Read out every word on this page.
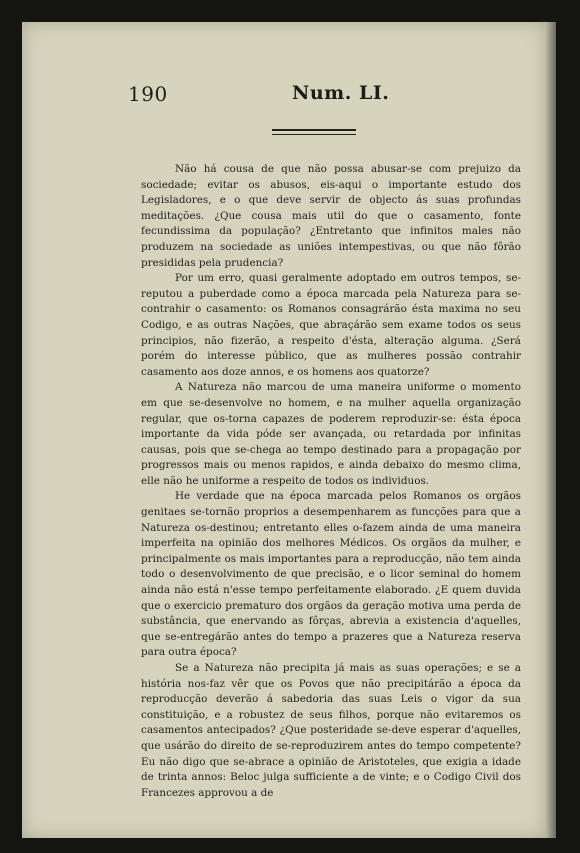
190	Num. LI.

Não há cousa de que não possa abusar-se com prejuizo da sociedade; evitar os abusos, eis-aqui o importante estudo dos Legisladores, e o que deve servir de objecto ás suas profundas meditações. ¿Que cousa mais util do que o casamento, fonte fecundissima da população? ¿Entretanto que infinitos males não produzem na sociedade as uniões intempestivas, ou que não fôrão presididas pela prudencia?

Por um erro, quasi geralmente adoptado em outros tempos, se-reputou a puberdade como a época marcada pela Natureza para se-contrahir o casamento: os Romanos consagrárão ésta maxima no seu Codigo, e as outras Nações, que abraçárão sem exame todos os seus principios, não fizerão, a respeito d'ésta, alteração alguma. ¿Será porém do interesse público, que as mulheres possão contrahir casamento aos doze annos, e os homens aos quatorze?

A Natureza não marcou de uma maneira uniforme o momento em que se-desenvolve no homem, e na mulher aquella organização regular, que os-torna capazes de poderem reproduzir-se: ésta época importante da vida póde ser avançada, ou retardada por infinitas causas, pois que se-chega ao tempo destinado para a propagação por progressos mais ou menos rapidos, e ainda debaixo do mesmo clima, elle não he uniforme a respeito de todos os individuos.

He verdade que na época marcada pelos Romanos os orgãos genitaes se-tornão proprios a desempenharem as funcções para que a Natureza os-destinou; entretanto elles o-fazem ainda de uma maneira imperfeita na opinião dos melhores Médicos. Os orgãos da mulher, e principalmente os mais importantes para a reproducção, não tem ainda todo o desenvolvimento de que precisão, e o licor seminal do homem ainda não está n'esse tempo perfeitamente elaborado. ¿E quem duvida que o exercicio prematuro dos orgãos da geração motiva uma perda de substância, que enervando as fôrças, abrevia a existencia d'aquelles, que se-entregárão antes do tempo a prazeres que a Natureza reserva para outra época?

Se a Natureza não precipita já mais as suas operações; e se a história nos-faz vêr que os Povos que não precipitárão a época da reproducção deverão á sabedoria das suas Leis o vigor da sua constituição, e a robustez de seus filhos, porque não evitaremos os casamentos antecipados? ¿Que posteridade se-deve esperar d'aquelles, que usárão do direito de se-reproduzirem antes do tempo competente? Eu não digo que se-abrace a opinião de Aristoteles, que exigia a idade de trinta annos: Beloc julga sufficiente a de vinte; e o Codigo Civil dos Francezes approvou a de
